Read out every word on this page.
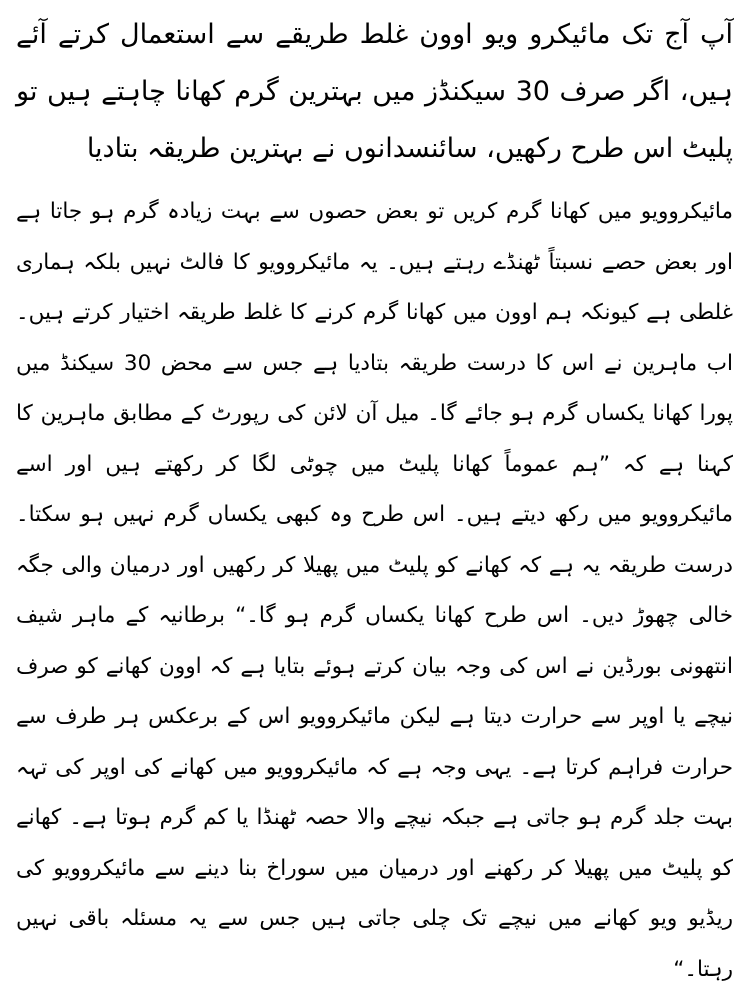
آپ آج تک مائیکرو ویو اوون غلط طریقے سے استعمال کرتے آئے ہیں، اگر صرف 30 سیکنڈز میں بہترین گرم کھانا چاہتے ہیں تو پلیٹ اس طرح رکھیں، سائنسدانوں نے بہترین طریقہ بتادیا

مائیکروویو میں کھانا گرم کریں تو بعض حصوں سے بہت زیادہ گرم ہو جاتا ہے اور بعض حصے نسبتاً ٹھنڈے رہتے ہیں۔ یہ مائیکروویو کا فالٹ نہیں بلکہ ہماری غلطی ہے کیونکہ ہم اوون میں کھانا گرم کرنے کا غلط طریقہ اختیار کرتے ہیں۔ اب ماہرین نے اس کا درست طریقہ بتادیا ہے جس سے محض 30 سیکنڈ میں پورا کھانا یکساں گرم ہو جائے گا۔ میل آن لائن کی رپورٹ کے مطابق ماہرین کا کہنا ہے کہ ”ہم عموماً کھانا پلیٹ میں چوٹی لگا کر رکھتے ہیں اور اسے مائیکروویو میں رکھ دیتے ہیں۔ اس طرح وہ کبھی یکساں گرم نہیں ہو سکتا۔ درست طریقہ یہ ہے کہ کھانے کو پلیٹ میں پھیلا کر رکھیں اور درمیان والی جگہ خالی چھوڑ دیں۔ اس طرح کھانا یکساں گرم ہو گا۔“ برطانیہ کے ماہر شیف انتھونی بورڈین نے اس کی وجہ بیان کرتے ہوئے بتایا ہے کہ اوون کھانے کو صرف نیچے یا اوپر سے حرارت دیتا ہے لیکن مائیکروویو اس کے برعکس ہر طرف سے حرارت فراہم کرتا ہے۔ یہی وجہ ہے کہ مائیکروویو میں کھانے کی اوپر کی تہہ بہت جلد گرم ہو جاتی ہے جبکہ نیچے والا حصہ ٹھنڈا یا کم گرم ہوتا ہے۔ کھانے کو پلیٹ میں پھیلا کر رکھنے اور درمیان میں سوراخ بنا دینے سے مائیکروویو کی ریڈیو ویو کھانے میں نیچے تک چلی جاتی ہیں جس سے یہ مسئلہ باقی نہیں رہتا۔“
